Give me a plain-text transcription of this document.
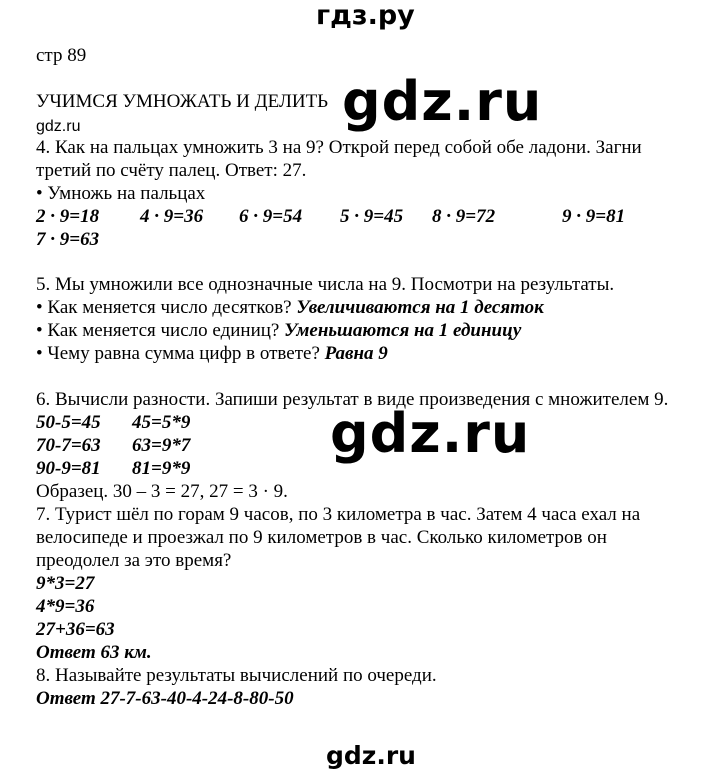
гдз.ру
стр 89
УЧИМСЯ УМНОЖАТЬ И ДЕЛИТЬ gdz.ru
gdz.ru
4. Как на пальцах умножить 3 на 9? Открой перед собой обе ладони. Загни
третий по счёту палец. Ответ: 27.
• Умножь на пальцах
2 · 9=18 4 · 9=36 6 · 9=54 5 · 9=45 8 · 9=72	9 · 9=81
7 · 9=63
5. Мы умножили все однозначные числа на 9. Посмотри на результаты.
• Как меняется число десятков? Увеличиваются на 1 десяток
• Как меняется число единиц? Уменьшаются на 1 единицу
• Чему равна сумма цифр в ответе? Равна 9
6. Вычисли разности. Запиши результат в виде произведения с множителем 9.
50-5=45 45=5*9
70-7=63 63=9*7
90-9=81 81=9*9
Образец. 30 – 3 = 27, 27 = 3 · 9.
gdz.ru
7. Турист шёл по горам 9 часов, по 3 километра в час. Затем 4 часа ехал на
велосипеде и проезжал по 9 километров в час. Сколько километров он
преодолел за это время?
9*3=27
4*9=36
27+36=63
Ответ 63 км.
8. Называйте результаты вычислений по очереди.
Ответ 27-7-63-40-4-24-8-80-50
gdz.ru
